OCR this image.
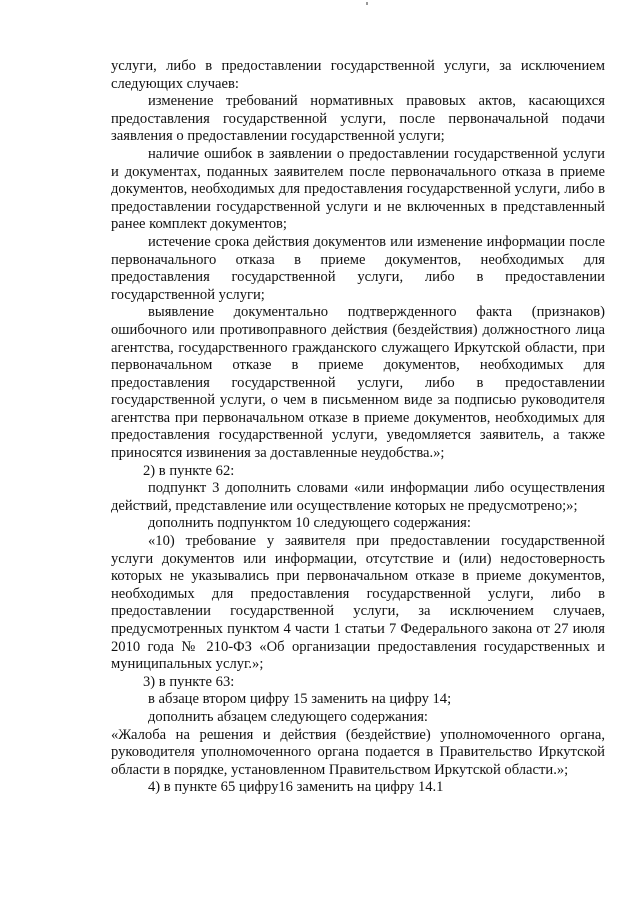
услуги, либо в предоставлении государственной услуги, за исключением следующих случаев:

изменение требований нормативных правовых актов, касающихся предоставления государственной услуги, после первоначальной подачи заявления о предоставлении государственной услуги;

наличие ошибок в заявлении о предоставлении государственной услуги и документах, поданных заявителем после первоначального отказа в приеме документов, необходимых для предоставления государственной услуги, либо в предоставлении государственной услуги и не включенных в представленный ранее комплект документов;

истечение срока действия документов или изменение информации после первоначального отказа в приеме документов, необходимых для предоставления государственной услуги, либо в предоставлении государственной услуги;

выявление документально подтвержденного факта (признаков) ошибочного или противоправного действия (бездействия) должностного лица агентства, государственного гражданского служащего Иркутской области, при первоначальном отказе в приеме документов, необходимых для предоставления государственной услуги, либо в предоставлении государственной услуги, о чем в письменном виде за подписью руководителя агентства при первоначальном отказе в приеме документов, необходимых для предоставления государственной услуги, уведомляется заявитель, а также приносятся извинения за доставленные неудобства.»;

2) в пункте 62:

подпункт 3 дополнить словами «или информации либо осуществления действий, представление или осуществление которых не предусмотрено;»;

дополнить подпунктом 10 следующего содержания:

«10) требование у заявителя при предоставлении государственной услуги документов или информации, отсутствие и (или) недостоверность которых не указывались при первоначальном отказе в приеме документов, необходимых для предоставления государственной услуги, либо в предоставлении государственной услуги, за исключением случаев, предусмотренных пунктом 4 части 1 статьи 7 Федерального закона от 27 июля 2010 года № 210-ФЗ «Об организации предоставления государственных и муниципальных услуг.»;

3) в пункте 63:

в абзаце втором цифру 15 заменить на цифру 14;

дополнить абзацем следующего содержания:

«Жалоба на решения и действия (бездействие) уполномоченного органа, руководителя уполномоченного органа подается в Правительство Иркутской области в порядке, установленном Правительством Иркутской области.»;

4) в пункте 65 цифру16 заменить на цифру 14.1
